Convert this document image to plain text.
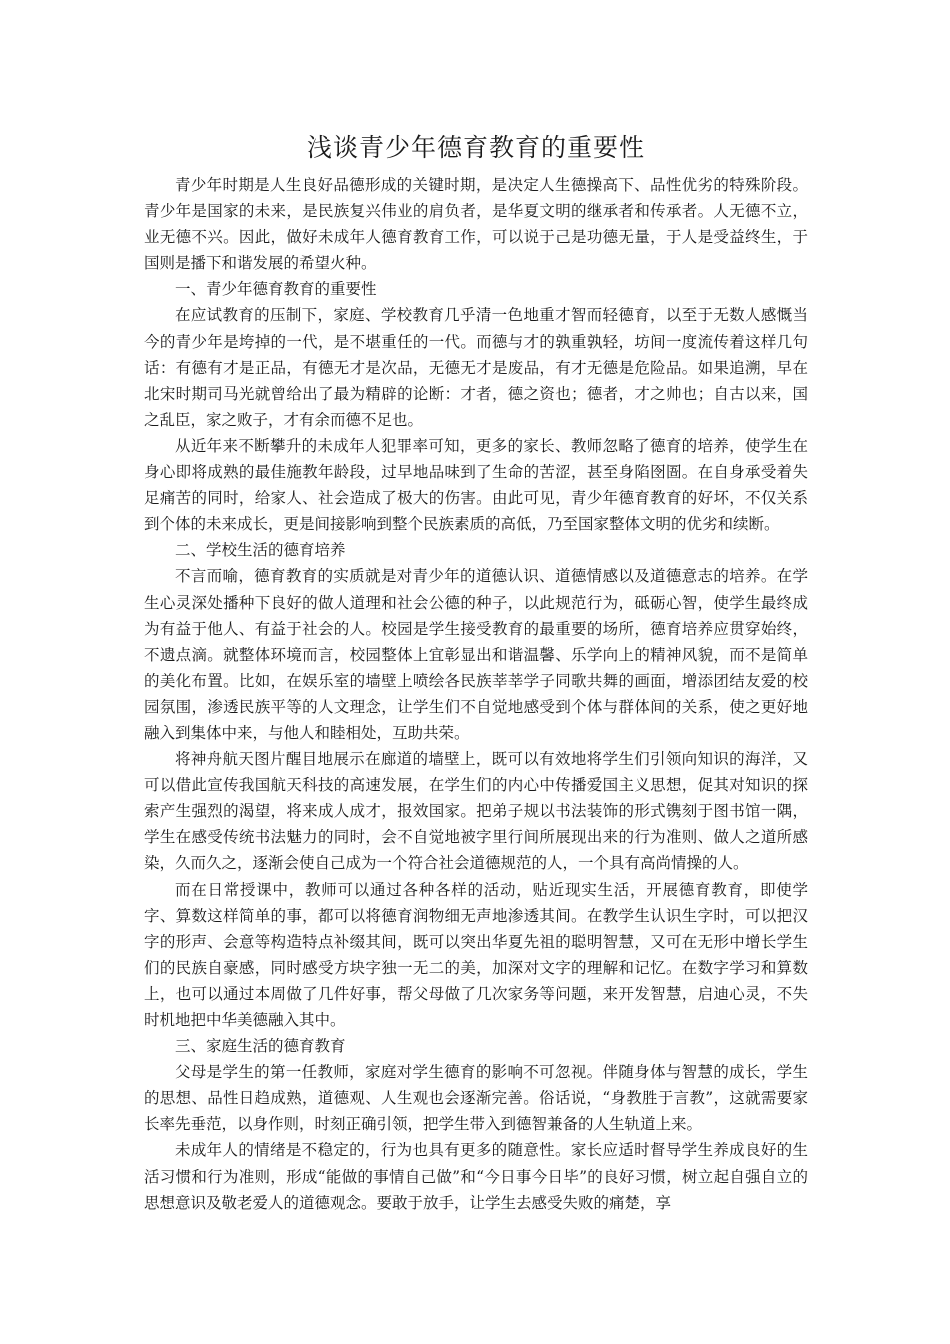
浅谈青少年德育教育的重要性

青少年时期是人生良好品德形成的关键时期，是决定人生德操高下、品性优劣的特殊阶段。青少年是国家的未来，是民族复兴伟业的肩负者，是华夏文明的继承者和传承者。人无德不立，业无德不兴。因此，做好未成年人德育教育工作，可以说于己是功德无量，于人是受益终生，于国则是播下和谐发展的希望火种。

一、青少年德育教育的重要性

在应试教育的压制下，家庭、学校教育几乎清一色地重才智而轻德育，以至于无数人感慨当今的青少年是垮掉的一代，是不堪重任的一代。而德与才的孰重孰轻，坊间一度流传着这样几句话：有德有才是正品，有德无才是次品，无德无才是废品，有才无德是危险品。如果追溯，早在北宋时期司马光就曾给出了最为精辟的论断：才者，德之资也；德者，才之帅也；自古以来，国之乱臣，家之败子，才有余而德不足也。

从近年来不断攀升的未成年人犯罪率可知，更多的家长、教师忽略了德育的培养，使学生在身心即将成熟的最佳施教年龄段，过早地品味到了生命的苦涩，甚至身陷囹圄。在自身承受着失足痛苦的同时，给家人、社会造成了极大的伤害。由此可见，青少年德育教育的好坏，不仅关系到个体的未来成长，更是间接影响到整个民族素质的高低，乃至国家整体文明的优劣和续断。

二、学校生活的德育培养

不言而喻，德育教育的实质就是对青少年的道德认识、道德情感以及道德意志的培养。在学生心灵深处播种下良好的做人道理和社会公德的种子，以此规范行为，砥砺心智，使学生最终成为有益于他人、有益于社会的人。校园是学生接受教育的最重要的场所，德育培养应贯穿始终，不遗点滴。就整体环境而言，校园整体上宜彰显出和谐温馨、乐学向上的精神风貌，而不是简单的美化布置。比如，在娱乐室的墙壁上喷绘各民族莘莘学子同歌共舞的画面，增添团结友爱的校园氛围，渗透民族平等的人文理念，让学生们不自觉地感受到个体与群体间的关系，使之更好地融入到集体中来，与他人和睦相处，互助共荣。

将神舟航天图片醒目地展示在廊道的墙壁上，既可以有效地将学生们引领向知识的海洋，又可以借此宣传我国航天科技的高速发展，在学生们的内心中传播爱国主义思想，促其对知识的探索产生强烈的渴望，将来成人成才，报效国家。把弟子规以书法装饰的形式镌刻于图书馆一隅，学生在感受传统书法魅力的同时，会不自觉地被字里行间所展现出来的行为准则、做人之道所感染，久而久之，逐渐会使自己成为一个符合社会道德规范的人，一个具有高尚情操的人。

而在日常授课中，教师可以通过各种各样的活动，贴近现实生活，开展德育教育，即使学字、算数这样简单的事，都可以将德育润物细无声地渗透其间。在教学生认识生字时，可以把汉字的形声、会意等构造特点补缀其间，既可以突出华夏先祖的聪明智慧，又可在无形中增长学生们的民族自豪感，同时感受方块字独一无二的美，加深对文字的理解和记忆。在数字学习和算数上，也可以通过本周做了几件好事，帮父母做了几次家务等问题，来开发智慧，启迪心灵，不失时机地把中华美德融入其中。

三、家庭生活的德育教育

父母是学生的第一任教师，家庭对学生德育的影响不可忽视。伴随身体与智慧的成长，学生的思想、品性日趋成熟，道德观、人生观也会逐渐完善。俗话说，“身教胜于言教”，这就需要家长率先垂范，以身作则，时刻正确引领，把学生带入到德智兼备的人生轨道上来。

未成年人的情绪是不稳定的，行为也具有更多的随意性。家长应适时督导学生养成良好的生活习惯和行为准则，形成“能做的事情自己做”和“今日事今日毕”的良好习惯，树立起自强自立的思想意识及敬老爱人的道德观念。要敢于放手，让学生去感受失败的痛楚，享
